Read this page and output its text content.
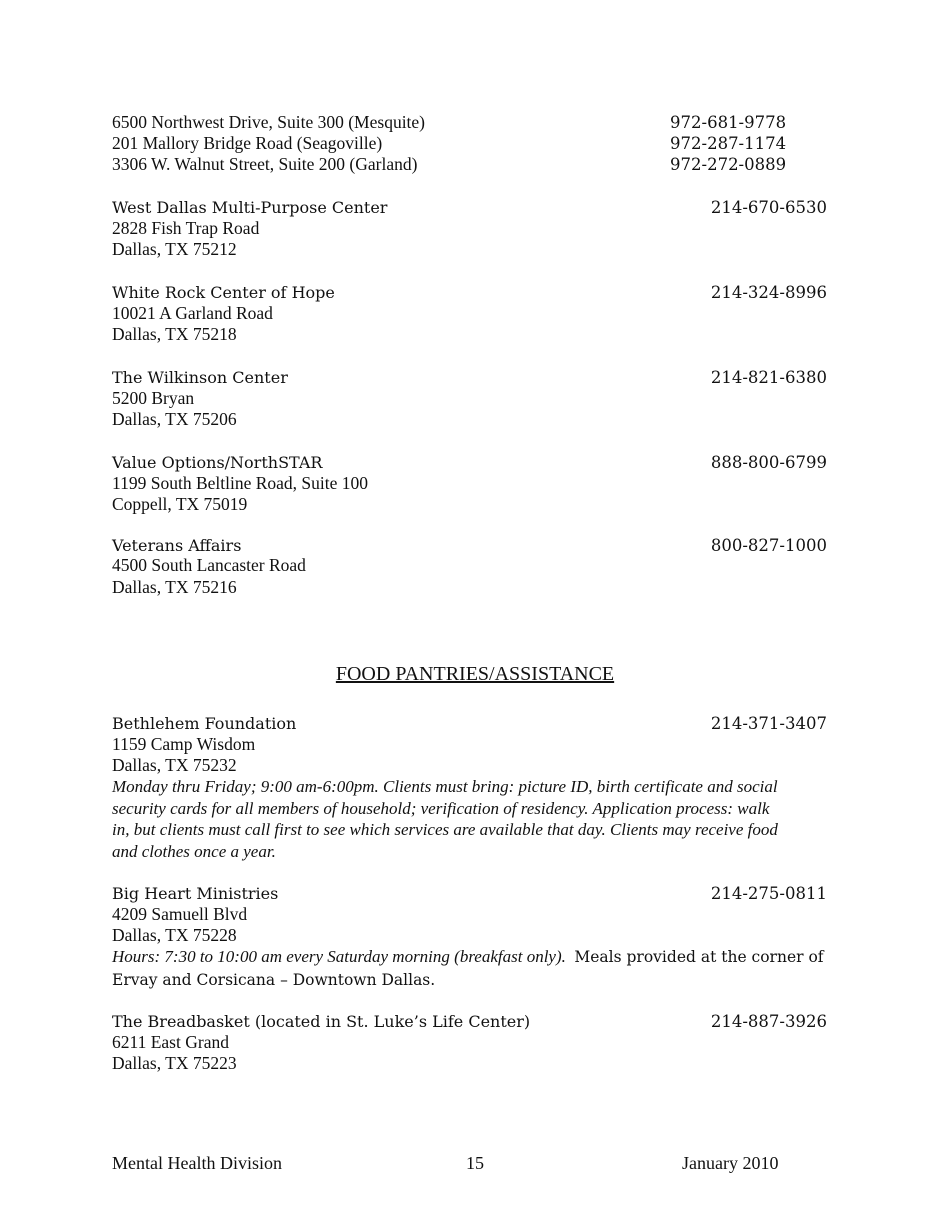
6500 Northwest Drive, Suite 300 (Mesquite)	972-681-9778
201 Mallory Bridge Road (Seagoville)	972-287-1174
3306 W. Walnut Street, Suite 200 (Garland)	972-272-0889
West Dallas Multi-Purpose Center	214-670-6530
2828 Fish Trap Road
Dallas, TX 75212
White Rock Center of Hope	214-324-8996
10021 A Garland Road
Dallas, TX 75218
The Wilkinson Center	214-821-6380
5200 Bryan
Dallas, TX 75206
Value Options/NorthSTAR	888-800-6799
1199 South Beltline Road, Suite 100
Coppell, TX 75019
Veterans Affairs	800-827-1000
4500 South Lancaster Road
Dallas, TX 75216
FOOD PANTRIES/ASSISTANCE
Bethlehem Foundation	214-371-3407
1159 Camp Wisdom
Dallas, TX 75232
Monday thru Friday; 9:00 am-6:00pm. Clients must bring: picture ID, birth certificate and social
security cards for all members of household; verification of residency. Application process: walk
in, but clients must call first to see which services are available that day. Clients may receive food
and clothes once a year.
Big Heart Ministries	214-275-0811
4209 Samuell Blvd
Dallas, TX 75228
Hours: 7:30 to 10:00 am every Saturday morning (breakfast only). Meals provided at the corner of
Ervay and Corsicana – Downtown Dallas.
The Breadbasket (located in St. Luke’s Life Center)	214-887-3926
6211 East Grand
Dallas, TX 75223
Mental Health Division	15	January 2010
